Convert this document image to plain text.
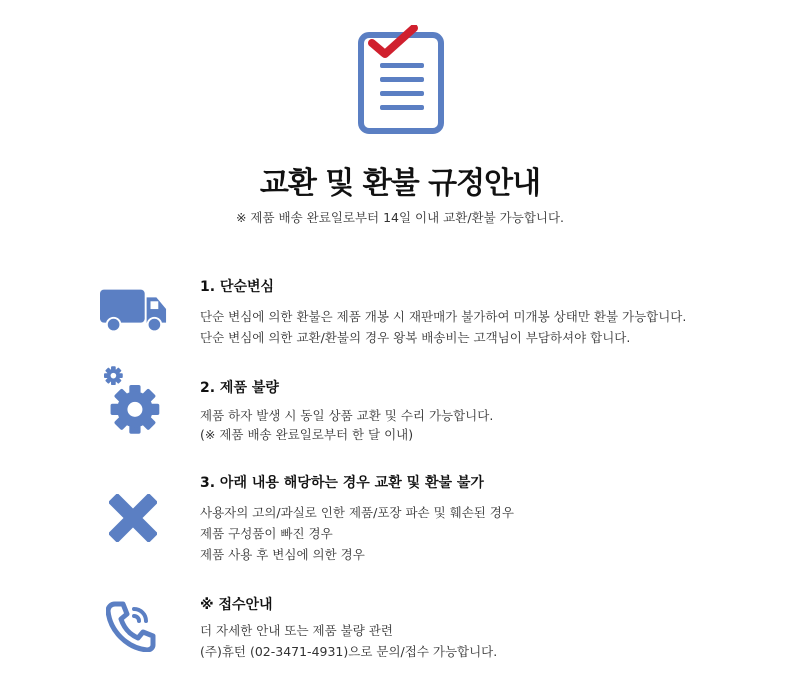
교환 및 환불 규정안내
※ 제품 배송 완료일로부터 14일 이내 교환/환불 가능합니다.
1. 단순변심
단순 변심에 의한 환불은 제품 개봉 시 재판매가 불가하여 미개봉 상태만 환불 가능합니다.
단순 변심에 의한 교환/환불의 경우 왕복 배송비는 고객님이 부담하셔야 합니다.
2. 제품 불량
제품 하자 발생 시 동일 상품 교환 및 수리 가능합니다.
(※ 제품 배송 완료일로부터 한 달 이내)
3. 아래 내용 해당하는 경우 교환 및 환불 불가
사용자의 고의/과실로 인한 제품/포장 파손 및 훼손된 경우
제품 구성품이 빠진 경우
제품 사용 후 변심에 의한 경우
※ 접수안내
더 자세한 안내 또는 제품 불량 관련
(주)휴턴 (02-3471-4931)으로 문의/접수 가능합니다.
